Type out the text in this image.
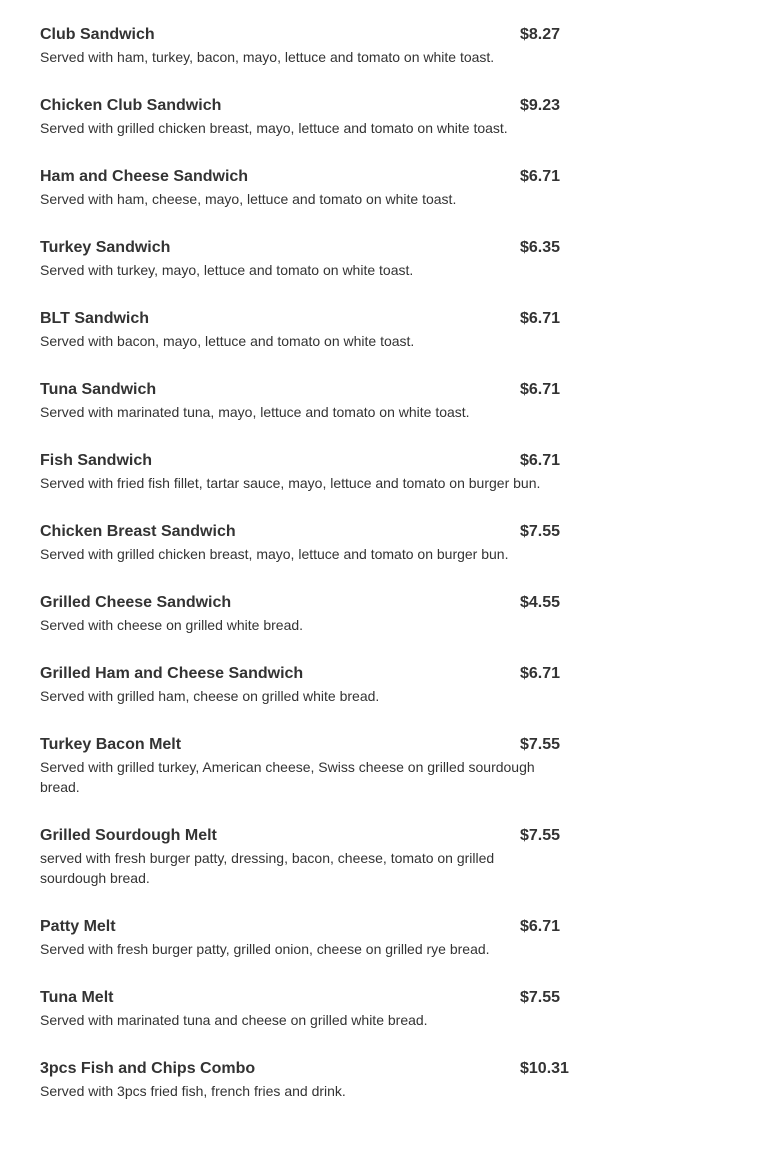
Club Sandwich	$8.27
Served with ham, turkey, bacon, mayo, lettuce and tomato on white toast.
Chicken Club Sandwich	$9.23
Served with grilled chicken breast, mayo, lettuce and tomato on white toast.
Ham and Cheese Sandwich	$6.71
Served with ham, cheese, mayo, lettuce and tomato on white toast.
Turkey Sandwich	$6.35
Served with turkey, mayo, lettuce and tomato on white toast.
BLT Sandwich	$6.71
Served with bacon, mayo, lettuce and tomato on white toast.
Tuna Sandwich	$6.71
Served with marinated tuna, mayo, lettuce and tomato on white toast.
Fish Sandwich	$6.71
Served with fried fish fillet, tartar sauce, mayo, lettuce and tomato on burger bun.
Chicken Breast Sandwich	$7.55
Served with grilled chicken breast, mayo, lettuce and tomato on burger bun.
Grilled Cheese Sandwich	$4.55
Served with cheese on grilled white bread.
Grilled Ham and Cheese Sandwich	$6.71
Served with grilled ham, cheese on grilled white bread.
Turkey Bacon Melt	$7.55
Served with grilled turkey, American cheese, Swiss cheese on grilled sourdough bread.
Grilled Sourdough Melt	$7.55
served with fresh burger patty, dressing, bacon, cheese, tomato on grilled sourdough bread.
Patty Melt	$6.71
Served with fresh burger patty, grilled onion, cheese on grilled rye bread.
Tuna Melt	$7.55
Served with marinated tuna and cheese on grilled white bread.
3pcs Fish and Chips Combo	$10.31
Served with 3pcs fried fish, french fries and drink.
